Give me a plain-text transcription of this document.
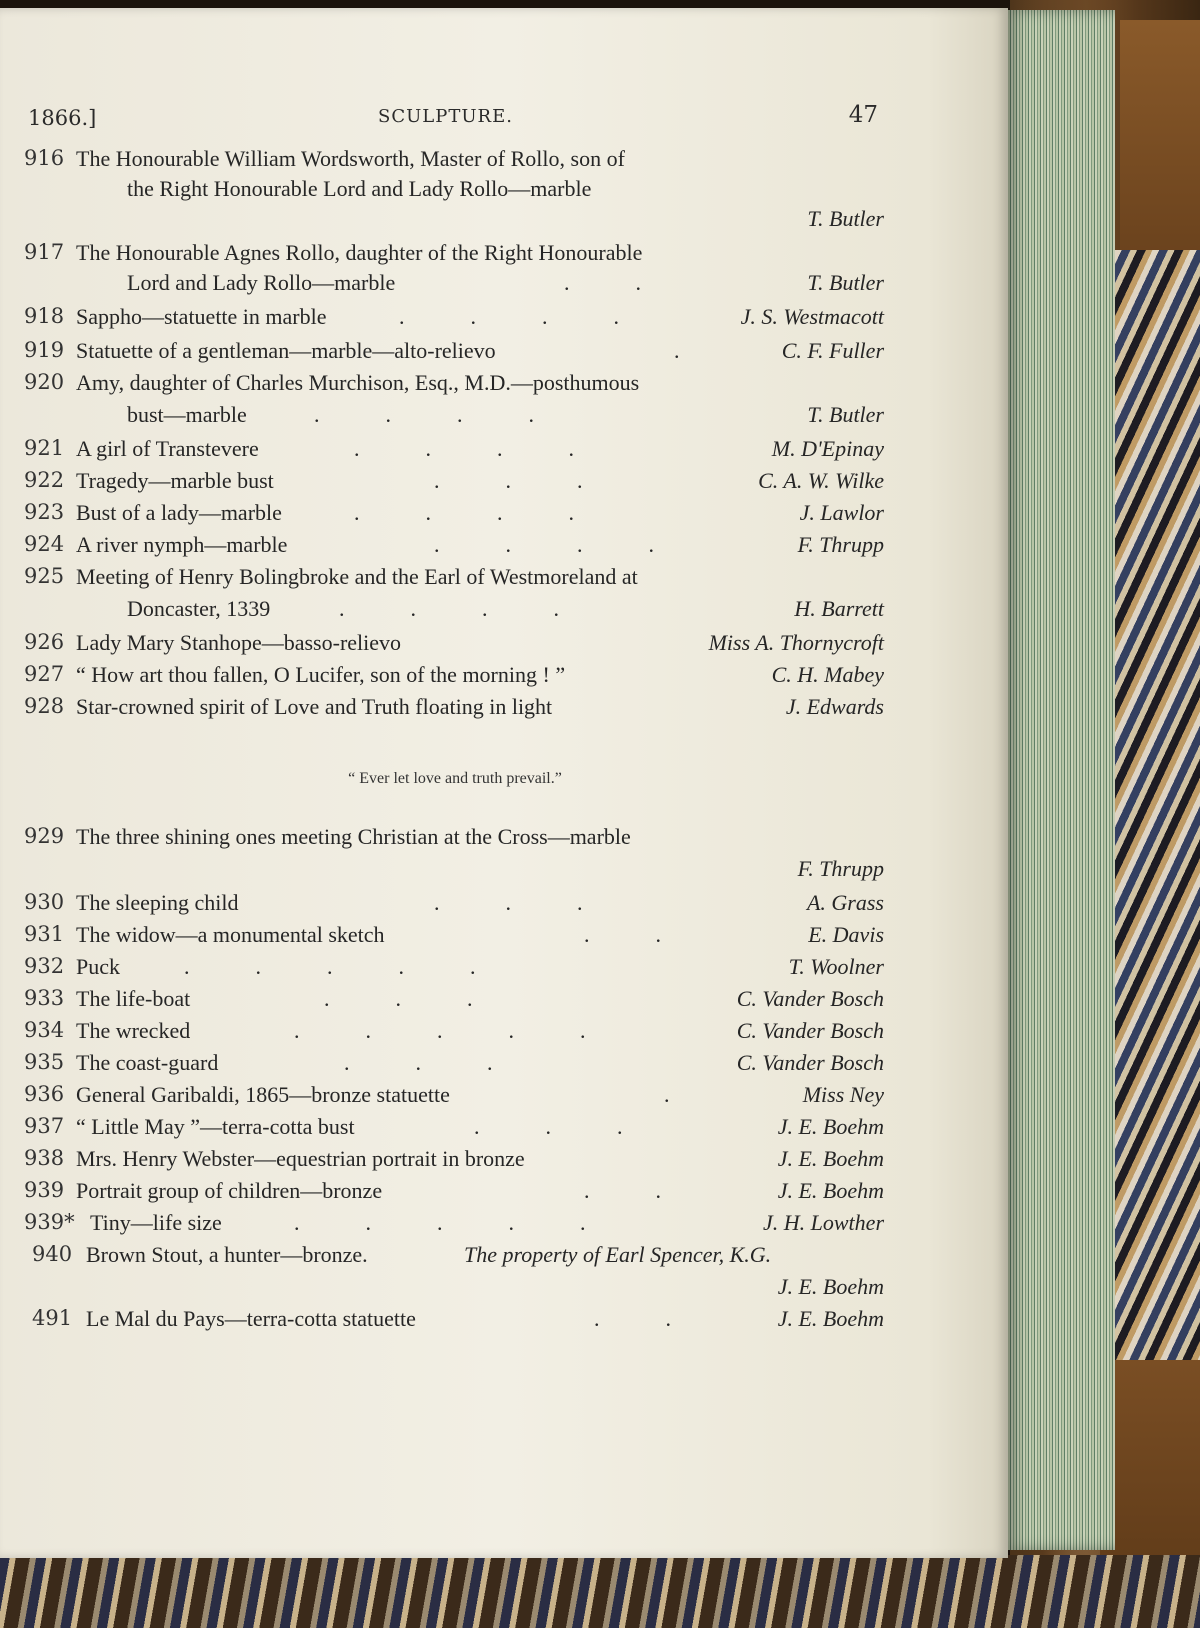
1866.]	SCULPTURE.	47
916 The Honourable William Wordsworth, Master of Rollo, son of
the Right Honourable Lord and Lady Rollo—marble
T. Butler
917 The Honourable Agnes Rollo, daughter of the Right Honourable
Lord and Lady Rollo—marble	.            .	T. Butler
918 Sappho—statuette in marble	.            .            .            .	J. S. Westmacott
919 Statuette of a gentleman—marble—alto-relievo	.	C. F. Fuller
920 Amy, daughter of Charles Murchison, Esq., M.D.—posthumous
bust—marble	.            .            .            .	T. Butler
921 A girl of Transtevere	.            .            .            .	M. D'Epinay
922 Tragedy—marble bust	.            .            .	C. A. W. Wilke
923 Bust of a lady—marble	.            .            .            .	J. Lawlor
924 A river nymph—marble	.            .            .            .	F. Thrupp
925 Meeting of Henry Bolingbroke and the Earl of Westmoreland at
Doncaster, 1339	.            .            .            .	H. Barrett
926 Lady Mary Stanhope—basso-relievo	Miss A. Thornycroft
927 “ How art thou fallen, O Lucifer, son of the morning ! ”	C. H. Mabey
928 Star-crowned spirit of Love and Truth floating in light	J. Edwards
“ Ever let love and truth prevail.”
929 The three shining ones meeting Christian at the Cross—marble
F. Thrupp
930 The sleeping child	.            .            .	A. Grass
931 The widow—a monumental sketch	.            .	E. Davis
932 Puck	.            .            .            .            .	T. Woolner
933 The life-boat	.            .            .	C. Vander Bosch
934 The wrecked	.            .            .            .            .	C. Vander Bosch
935 The coast-guard	.            .            .	C. Vander Bosch
936 General Garibaldi, 1865—bronze statuette	.	Miss Ney
937 “ Little May ”—terra-cotta bust	.            .            .	J. E. Boehm
938 Mrs. Henry Webster—equestrian portrait in bronze	J. E. Boehm
939 Portrait group of children—bronze	.            .	J. E. Boehm
939* Tiny—life size	.            .            .            .            .	J. H. Lowther
940 Brown Stout, a hunter—bronze.	The property of Earl Spencer, K.G.
J. E. Boehm
491 Le Mal du Pays—terra-cotta statuette	.            .	J. E. Boehm
